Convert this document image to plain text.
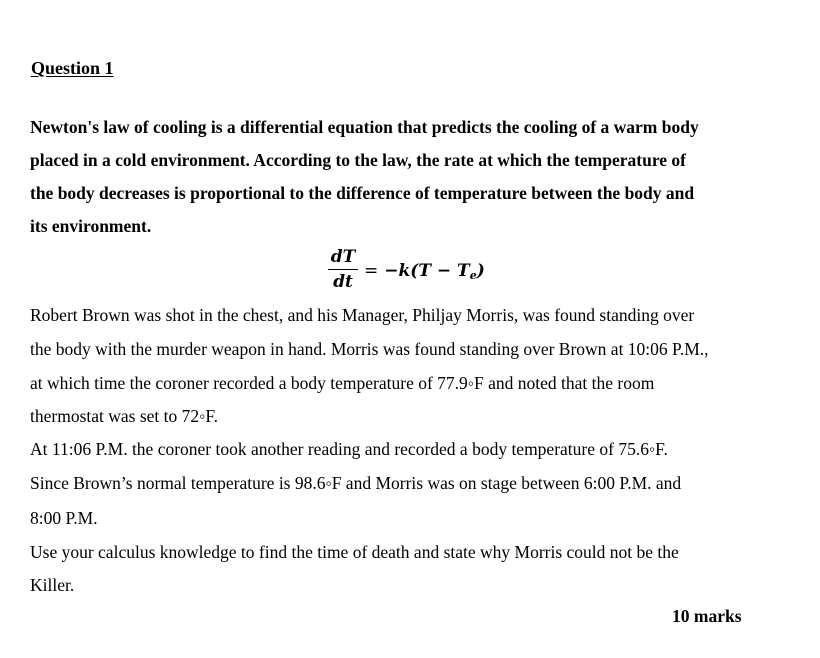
Question 1
Newton's law of cooling is a differential equation that predicts the cooling of a warm body
placed in a cold environment. According to the law, the rate at which the temperature of
the body decreases is proportional to the difference of temperature between the body and
its environment.
dT
dt
= $-k(T - T_e)$
Robert Brown was shot in the chest, and his Manager, Philjay Morris, was found standing over
the body with the murder weapon in hand. Morris was found standing over Brown at 10:06 P.M.,
at which time the coroner recorded a body temperature of 77.9◦F and noted that the room
thermostat was set to 72◦F.
At 11:06 P.M. the coroner took another reading and recorded a body temperature of 75.6◦F.
Since Brown’s normal temperature is 98.6◦F and Morris was on stage between 6:00 P.M. and
8:00 P.M.
Use your calculus knowledge to find the time of death and state why Morris could not be the
Killer.
10 marks
